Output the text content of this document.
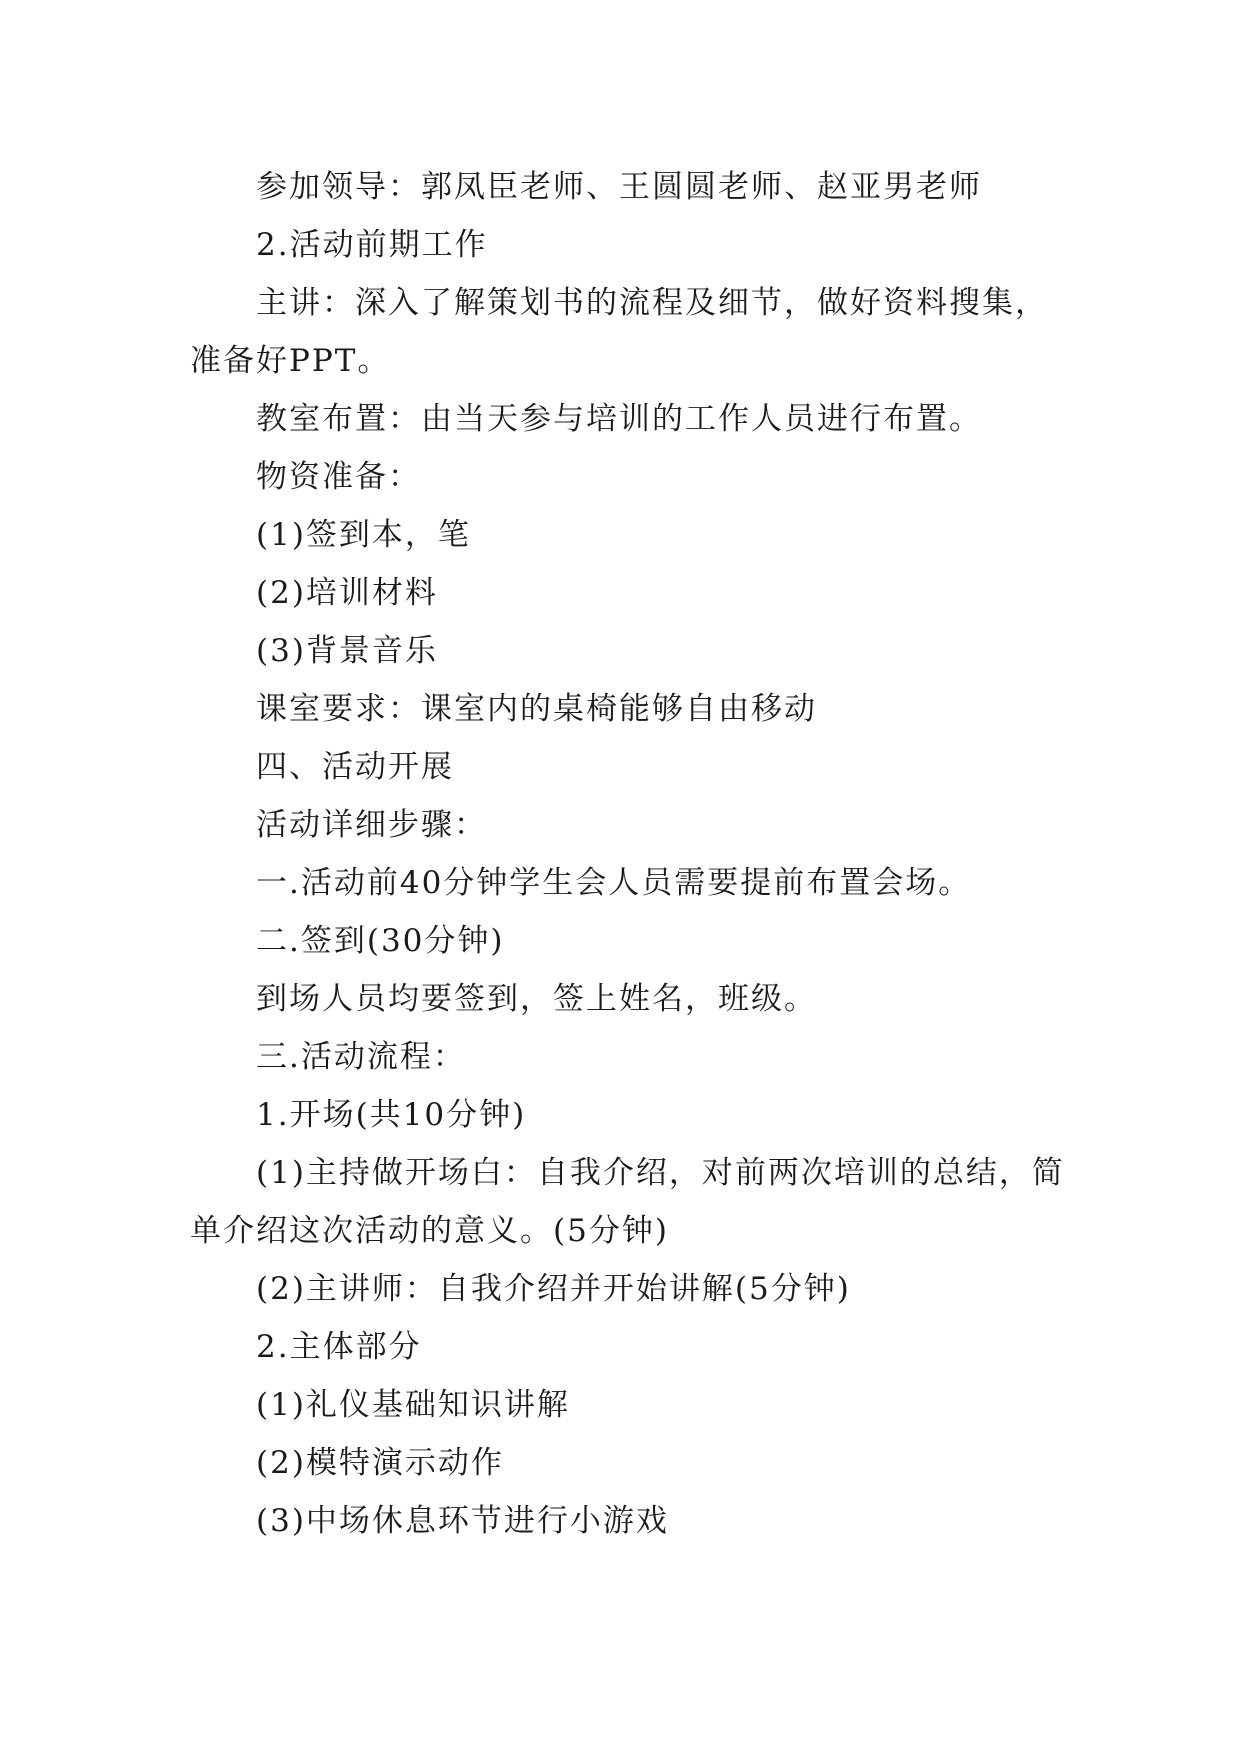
参加领导：郭凤臣老师、王圆圆老师、赵亚男老师

2.活动前期工作

主讲：深入了解策划书的流程及细节，做好资料搜集，准备好PPT。

教室布置：由当天参与培训的工作人员进行布置。

物资准备：

(1)签到本，笔

(2)培训材料

(3)背景音乐

课室要求：课室内的桌椅能够自由移动

四、活动开展

活动详细步骤：

一.活动前40分钟学生会人员需要提前布置会场。

二.签到(30分钟)

到场人员均要签到，签上姓名，班级。

三.活动流程：

1.开场(共10分钟)

(1)主持做开场白：自我介绍，对前两次培训的总结，简单介绍这次活动的意义。(5分钟)

(2)主讲师：自我介绍并开始讲解(5分钟)

2.主体部分

(1)礼仪基础知识讲解

(2)模特演示动作

(3)中场休息环节进行小游戏
